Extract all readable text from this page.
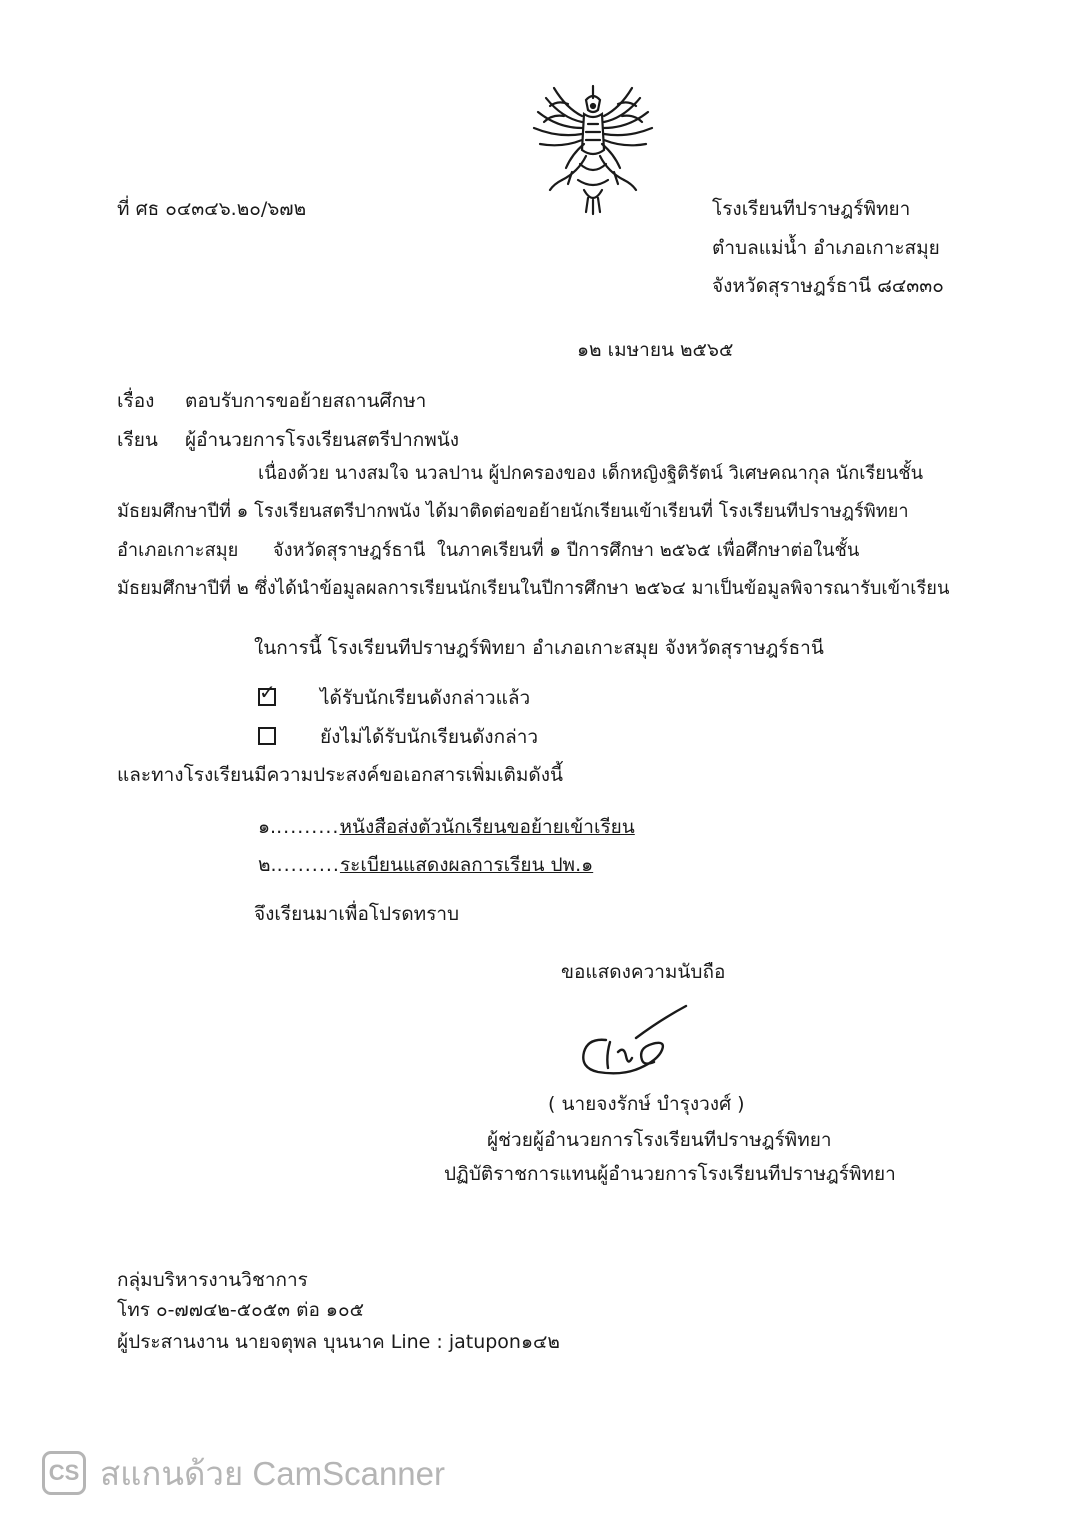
ที่ ศธ ๐๔๓๔๖.๒๐/๖๗๒	โรงเรียนทีปราษฎร์พิทยา
ตำบลแม่น้ำ อำเภอเกาะสมุย
จังหวัดสุราษฎร์ธานี ๘๔๓๓๐
๑๒ เมษายน ๒๕๖๕
เรื่อง ตอบรับการขอย้ายสถานศึกษา
เรียน ผู้อำนวยการโรงเรียนสตรีปากพนัง
เนื่องด้วย นางสมใจ นวลปาน ผู้ปกครองของ เด็กหญิงฐิติรัตน์ วิเศษคณากุล นักเรียนชั้น
มัธยมศึกษาปีที่ ๑ โรงเรียนสตรีปากพนัง ได้มาติดต่อขอย้ายนักเรียนเข้าเรียนที่ โรงเรียนทีปราษฎร์พิทยา
อำเภอเกาะสมุย      จังหวัดสุราษฎร์ธานี  ในภาคเรียนที่ ๑ ปีการศึกษา ๒๕๖๕ เพื่อศึกษาต่อในชั้น
มัธยมศึกษาปีที่ ๒ ซึ่งได้นำข้อมูลผลการเรียนนักเรียนในปีการศึกษา ๒๕๖๔ มาเป็นข้อมูลพิจารณารับเข้าเรียน
ในการนี้ โรงเรียนทีปราษฎร์พิทยา อำเภอเกาะสมุย จังหวัดสุราษฎร์ธานี
✓ ได้รับนักเรียนดังกล่าวแล้ว
ยังไม่ได้รับนักเรียนดังกล่าว
และทางโรงเรียนมีความประสงค์ขอเอกสารเพิ่มเติมดังนี้
๑..........หนังสือส่งตัวนักเรียนขอย้ายเข้าเรียน
๒..........ระเบียนแสดงผลการเรียน ปพ.๑
จึงเรียนมาเพื่อโปรดทราบ
ขอแสดงความนับถือ
( นายจงรักษ์ บำรุงวงศ์ )
ผู้ช่วยผู้อำนวยการโรงเรียนทีปราษฎร์พิทยา
ปฏิบัติราชการแทนผู้อำนวยการโรงเรียนทีปราษฎร์พิทยา
กลุ่มบริหารงานวิชาการ
โทร ๐-๗๗๔๒-๕๐๕๓ ต่อ ๑๐๕
ผู้ประสานงาน นายจตุพล บุนนาค Line : jatupon๑๔๒
CS สแกนด้วย CamScanner
